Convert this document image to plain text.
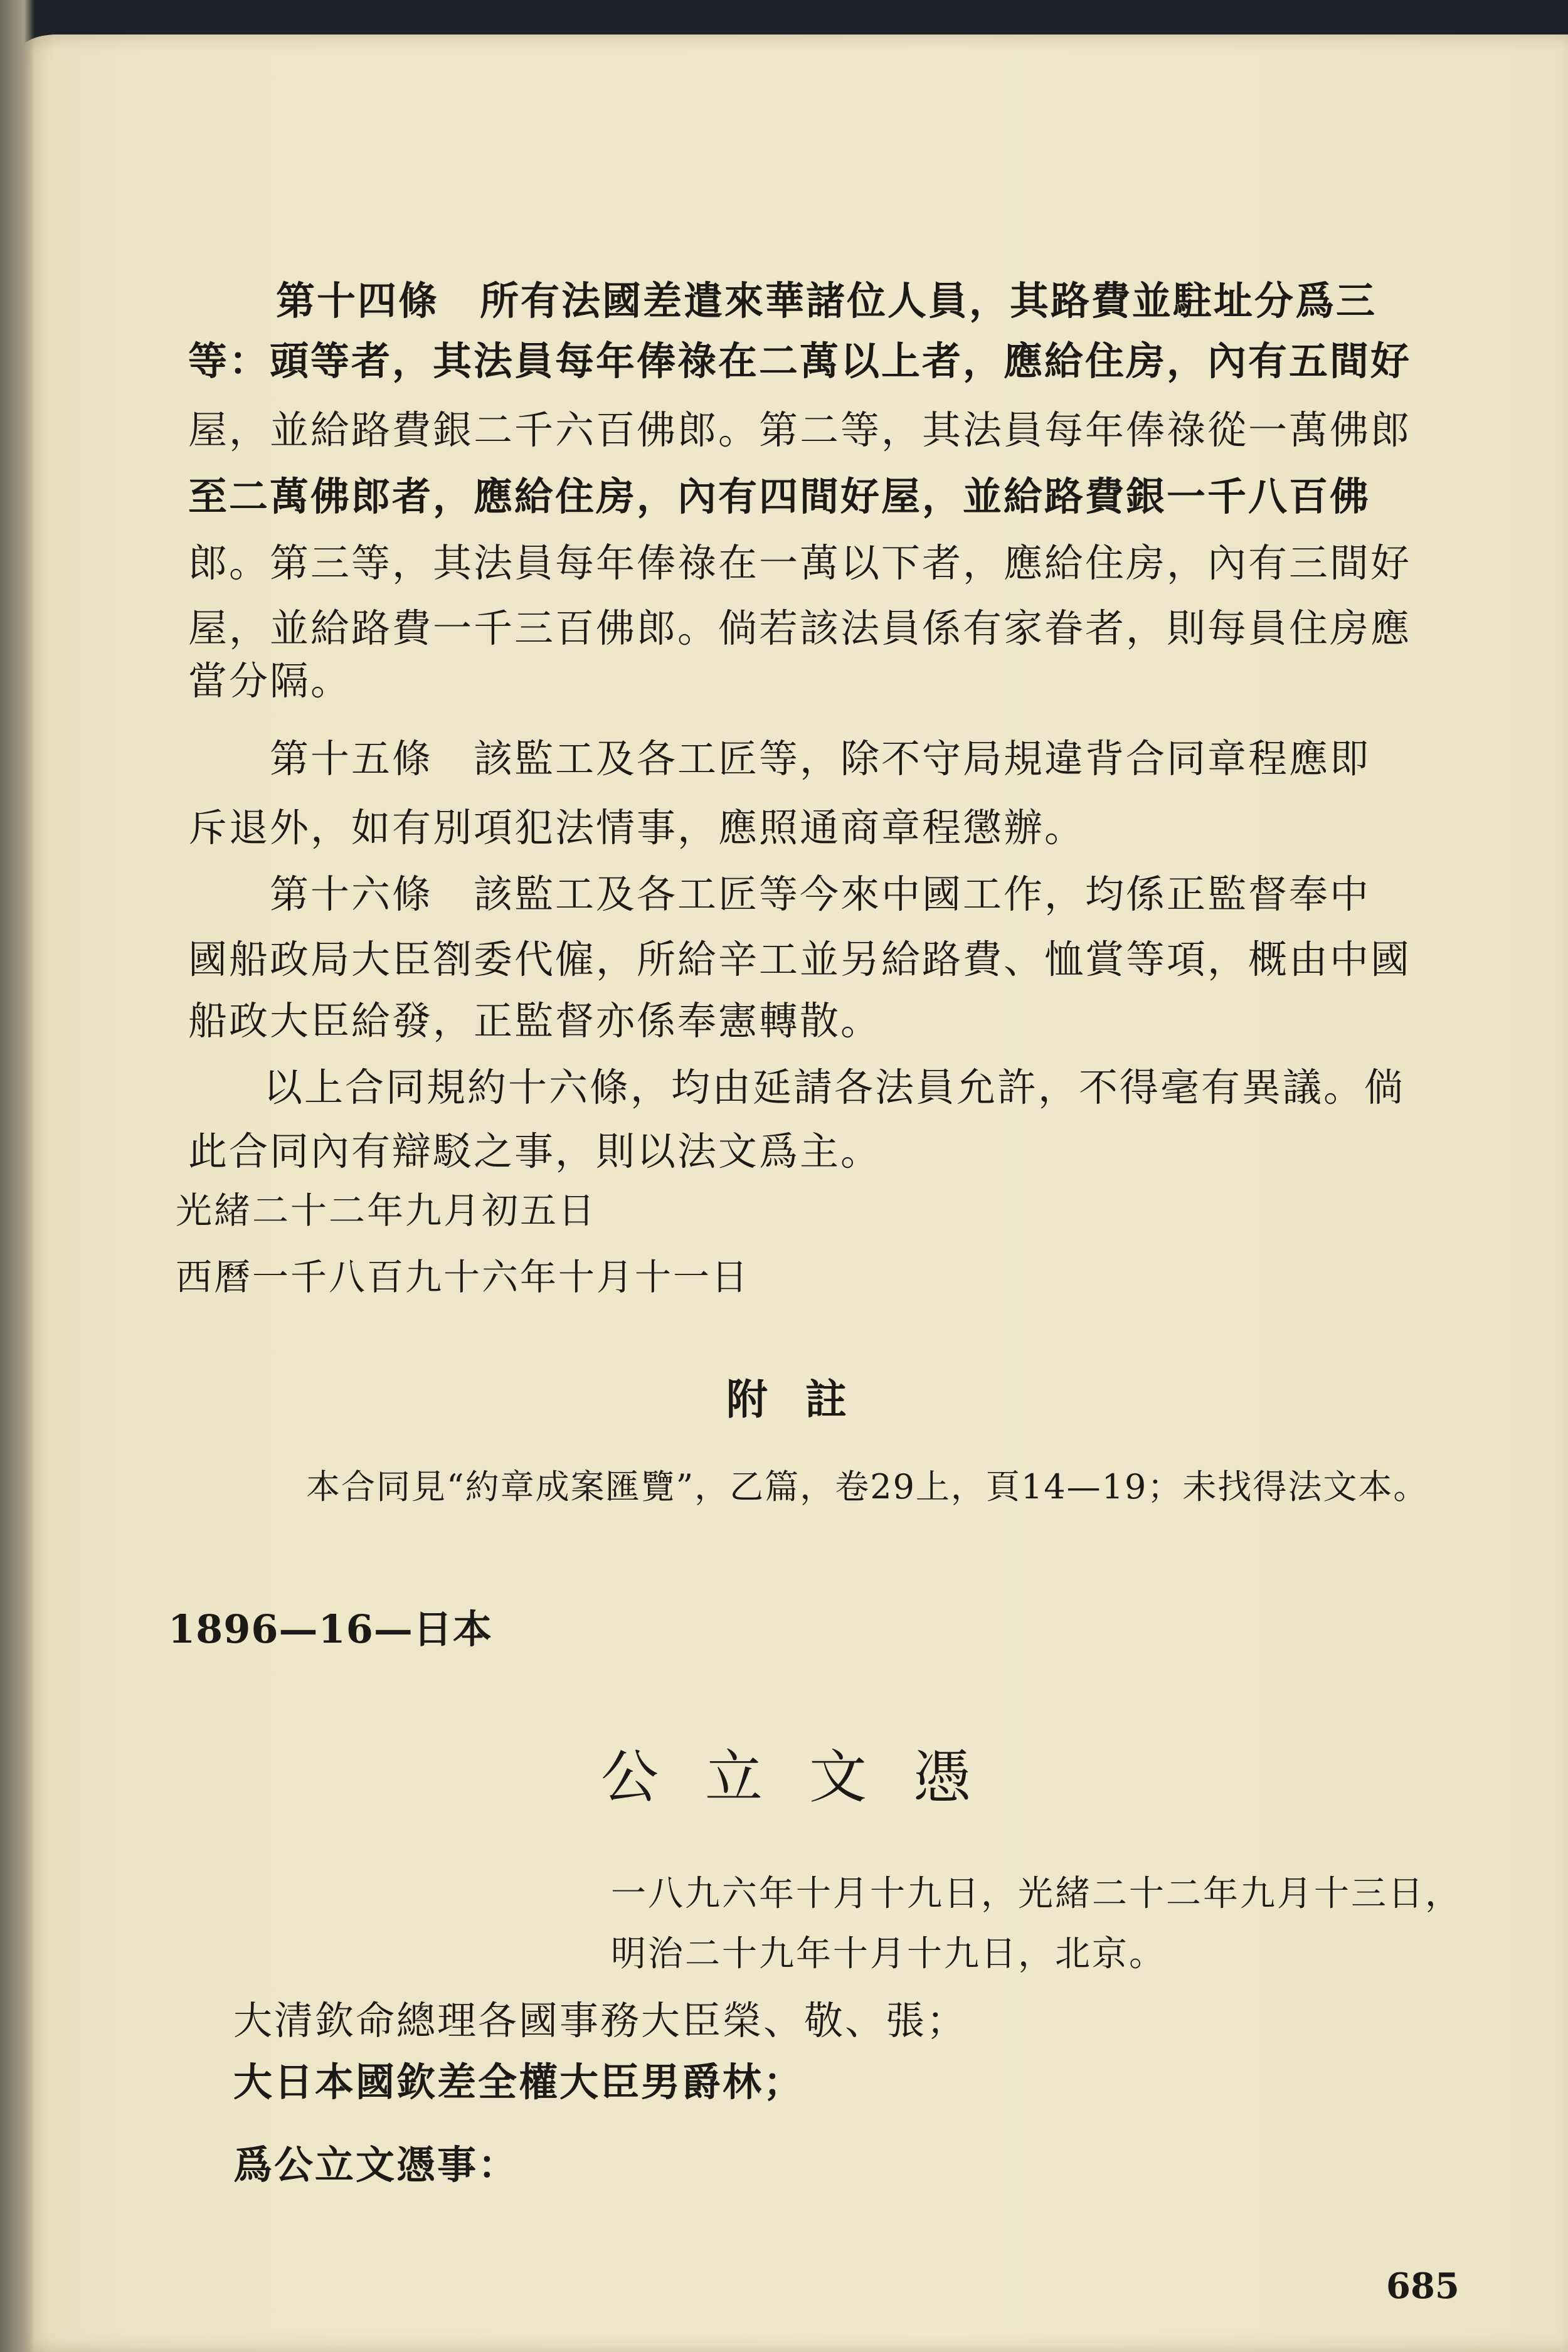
第十四條　所有法國差遣來華諸位人員，其路費並駐址分爲三
等：頭等者，其法員每年俸祿在二萬以上者，應給住房，內有五間好
屋，並給路費銀二千六百佛郎。第二等，其法員每年俸祿從一萬佛郎
至二萬佛郎者，應給住房，內有四間好屋，並給路費銀一千八百佛
郎。第三等，其法員每年俸祿在一萬以下者，應給住房，內有三間好
屋，並給路費一千三百佛郎。倘若該法員係有家眷者，則每員住房應
當分隔。
第十五條　該監工及各工匠等，除不守局規違背合同章程應即
斥退外，如有別項犯法情事，應照通商章程懲辦。
第十六條　該監工及各工匠等今來中國工作，均係正監督奉中
國船政局大臣劄委代僱，所給辛工並另給路費、恤賞等項，概由中國
船政大臣給發，正監督亦係奉憲轉散。
以上合同規約十六條，均由延請各法員允許，不得毫有異議。倘
此合同內有辯駁之事，則以法文爲主。
光緒二十二年九月初五日
西曆一千八百九十六年十月十一日
附註
本合同見“約章成案匯覽”，乙篇，卷29上，頁14—19；未找得法文本。
1896—16—日本
公立文憑
一八九六年十月十九日，光緒二十二年九月十三日，
明治二十九年十月十九日，北京。
大清欽命總理各國事務大臣榮、敬、張；
大日本國欽差全權大臣男爵林；
爲公立文憑事：
685
